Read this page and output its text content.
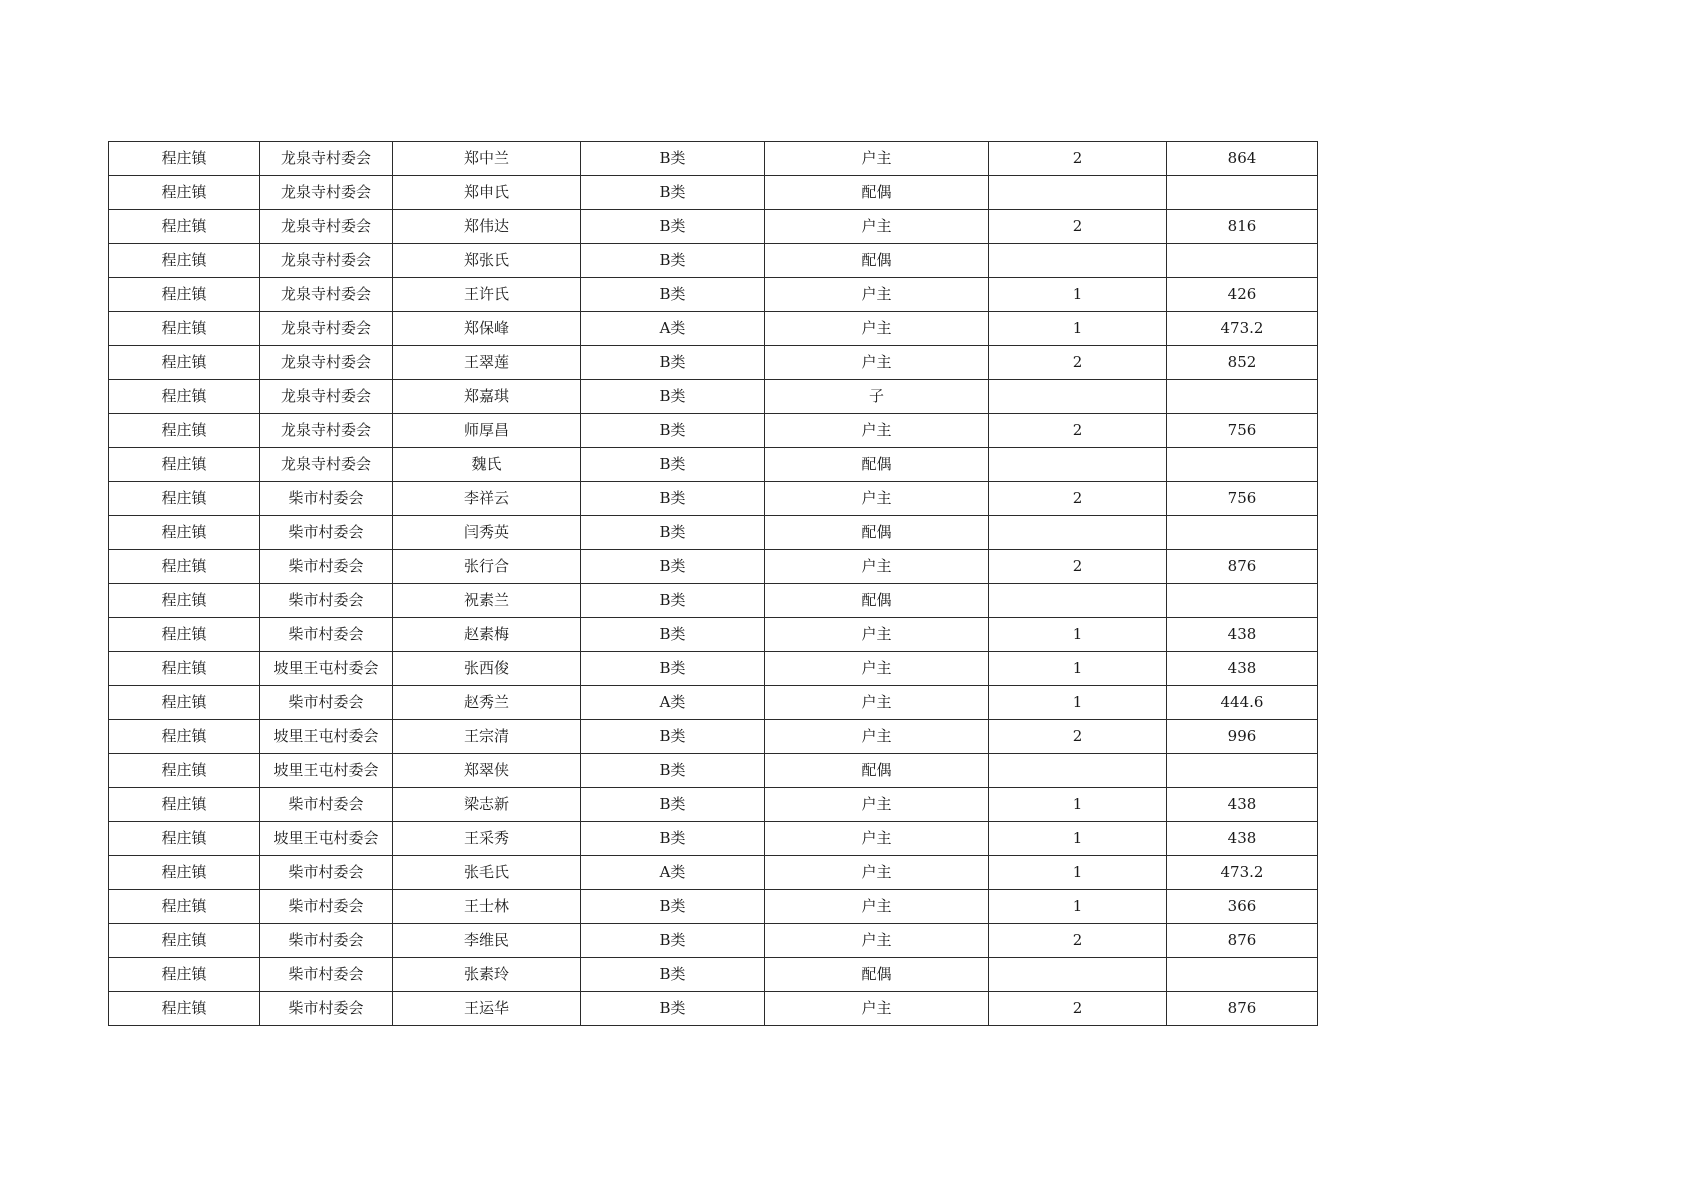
程庄镇	龙泉寺村委会	郑中兰	B类	户主	2	864
程庄镇	龙泉寺村委会	郑申氏	B类	配偶		
程庄镇	龙泉寺村委会	郑伟达	B类	户主	2	816
程庄镇	龙泉寺村委会	郑张氏	B类	配偶		
程庄镇	龙泉寺村委会	王许氏	B类	户主	1	426
程庄镇	龙泉寺村委会	郑保峰	A类	户主	1	473.2
程庄镇	龙泉寺村委会	王翠莲	B类	户主	2	852
程庄镇	龙泉寺村委会	郑嘉琪	B类	子		
程庄镇	龙泉寺村委会	师厚昌	B类	户主	2	756
程庄镇	龙泉寺村委会	魏氏	B类	配偶		
程庄镇	柴市村委会	李祥云	B类	户主	2	756
程庄镇	柴市村委会	闫秀英	B类	配偶		
程庄镇	柴市村委会	张行合	B类	户主	2	876
程庄镇	柴市村委会	祝素兰	B类	配偶		
程庄镇	柴市村委会	赵素梅	B类	户主	1	438
程庄镇	坡里王屯村委会	张西俊	B类	户主	1	438
程庄镇	柴市村委会	赵秀兰	A类	户主	1	444.6
程庄镇	坡里王屯村委会	王宗清	B类	户主	2	996
程庄镇	坡里王屯村委会	郑翠侠	B类	配偶		
程庄镇	柴市村委会	梁志新	B类	户主	1	438
程庄镇	坡里王屯村委会	王采秀	B类	户主	1	438
程庄镇	柴市村委会	张毛氏	A类	户主	1	473.2
程庄镇	柴市村委会	王士林	B类	户主	1	366
程庄镇	柴市村委会	李维民	B类	户主	2	876
程庄镇	柴市村委会	张素玲	B类	配偶		
程庄镇	柴市村委会	王运华	B类	户主	2	876
